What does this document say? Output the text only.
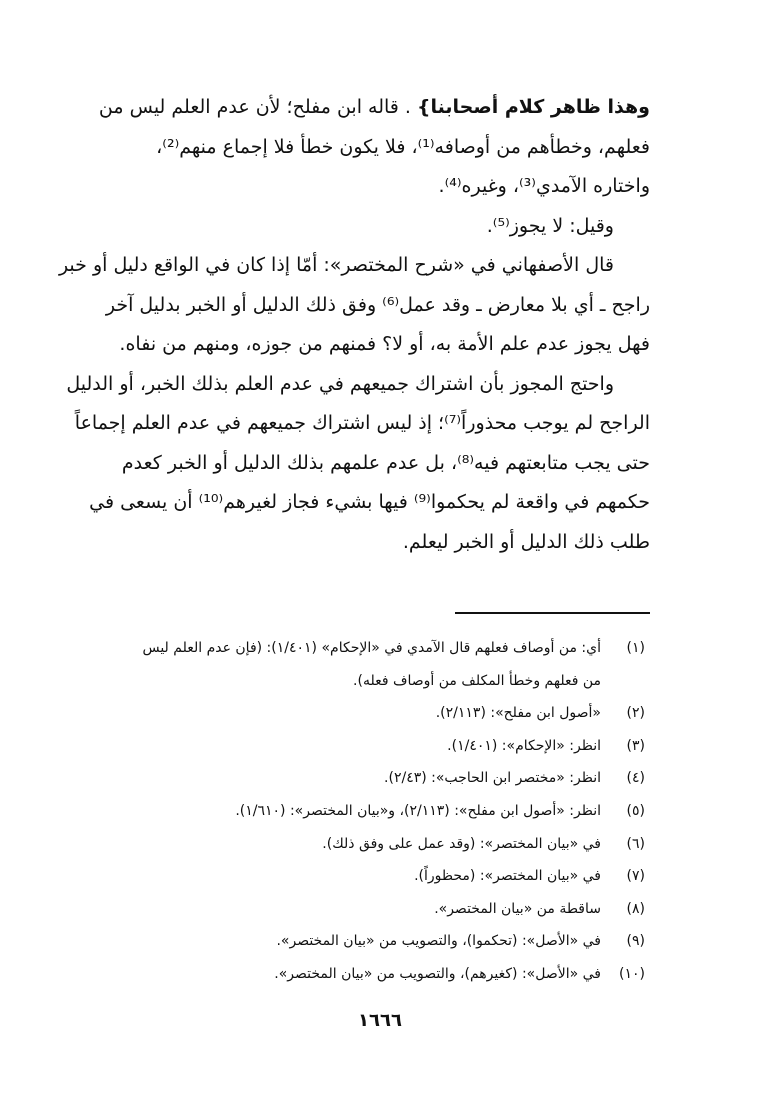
وهذا ظاهر كلام أصحابنا} . قاله ابن مفلح؛ لأن عدم العلم ليس من
فعلهم، وخطأهم من أوصافه⁽¹⁾، فلا يكون خطأ فلا إجماع منهم⁽²⁾،
واختاره الآمدي⁽³⁾، وغيره⁽⁴⁾.
وقيل: لا يجوز⁽⁵⁾.
قال الأصفهاني في «شرح المختصر»: أمّا إذا كان في الواقع دليل أو خبر
راجح ـ أي بلا معارض ـ وقد عمل⁽⁶⁾ وفق ذلك الدليل أو الخبر بدليل آخر
فهل يجوز عدم علم الأمة به، أو لا؟ فمنهم من جوزه، ومنهم من نفاه.
واحتج المجوز بأن اشتراك جميعهم في عدم العلم بذلك الخبر، أو الدليل
الراجح لم يوجب محذوراً⁽⁷⁾؛ إذ ليس اشتراك جميعهم في عدم العلم إجماعاً
حتى يجب متابعتهم فيه⁽⁸⁾، بل عدم علمهم بذلك الدليل أو الخبر كعدم
حكمهم في واقعة لم يحكموا⁽⁹⁾ فيها بشيء فجاز لغيرهم⁽¹⁰⁾ أن يسعى في
طلب ذلك الدليل أو الخبر ليعلم.
(١)أي: من أوصاف فعلهم قال الآمدي في «الإحكام» (١/٤٠١): (فإن عدم العلم ليس
من فعلهم وخطأ المكلف من أوصاف فعله).
(٢)«أصول ابن مفلح»: (٢/١١٣).
(٣)انظر: «الإحكام»: (١/٤٠١).
(٤)انظر: «مختصر ابن الحاجب»: (٢/٤٣).
(٥)انظر: «أصول ابن مفلح»: (٢/١١٣)، و«بيان المختصر»: (١/٦١٠).
(٦)في «بيان المختصر»: (وقد عمل على وفق ذلك).
(٧)في «بيان المختصر»: (محظوراً).
(٨)ساقطة من «بيان المختصر».
(٩)في «الأصل»: (تحكموا)، والتصويب من «بيان المختصر».
(١٠)في «الأصل»: (كغيرهم)، والتصويب من «بيان المختصر».
١٦٦٦
